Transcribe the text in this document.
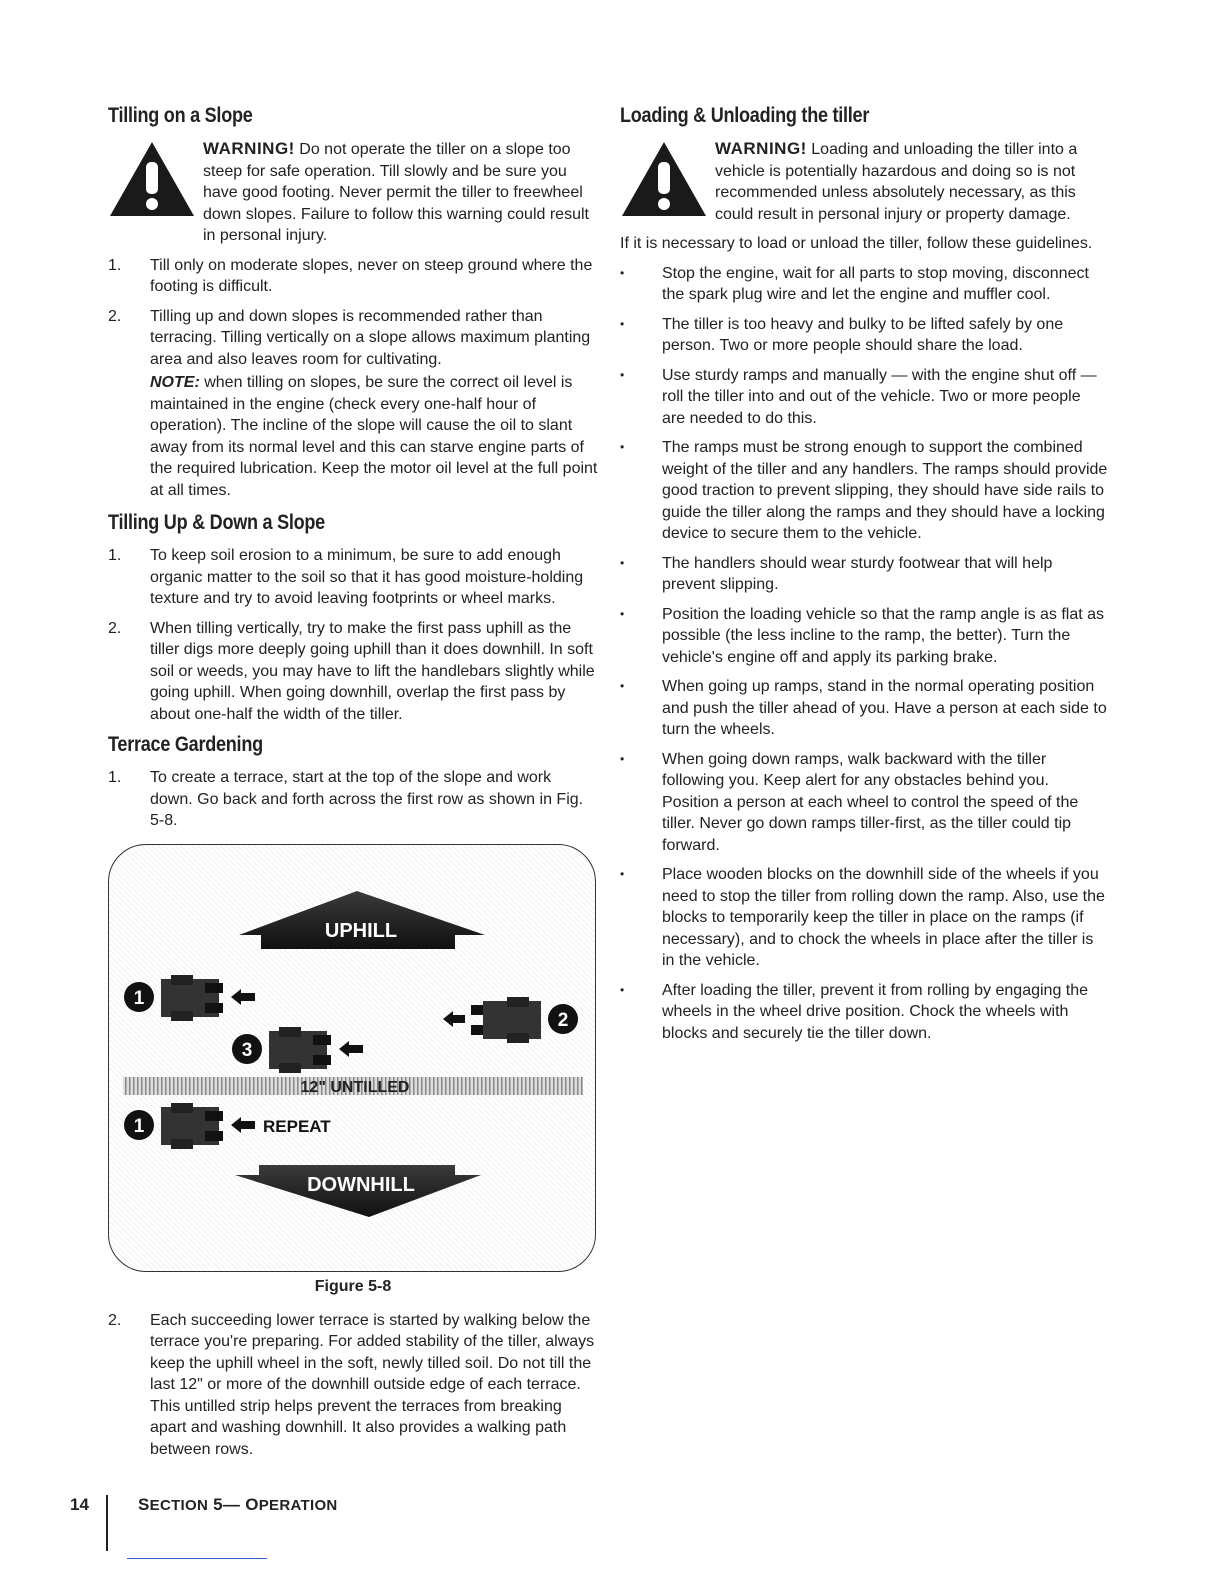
Tilling on a Slope
WARNING! Do not operate the tiller on a slope too steep for safe operation. Till slowly and be sure you have good footing. Never permit the tiller to freewheel down slopes. Failure to follow this warning could result in personal injury.
1. Till only on moderate slopes, never on steep ground where the footing is difficult.
2. Tilling up and down slopes is recommended rather than terracing. Tilling vertically on a slope allows maximum planting area and also leaves room for cultivating.

NOTE: when tilling on slopes, be sure the correct oil level is maintained in the engine (check every one-half hour of operation). The incline of the slope will cause the oil to slant away from its normal level and this can starve engine parts of the required lubrication. Keep the motor oil level at the full point at all times.

Tilling Up & Down a Slope
1. To keep soil erosion to a minimum, be sure to add enough organic matter to the soil so that it has good moisture-holding texture and try to avoid leaving footprints or wheel marks.
2. When tilling vertically, try to make the first pass uphill as the tiller digs more deeply going uphill than it does downhill. In soft soil or weeds, you may have to lift the handlebars slightly while going uphill. When going downhill, overlap the first pass by about one-half the width of the tiller.
Terrace Gardening
1. To create a terrace, start at the top of the slope and work down. Go back and forth across the first row as shown in Fig. 5-8.
UPHILL
1
2
3
12" UNTILLED
1	REPEAT
DOWNHILL
Figure 5-8
2. Each succeeding lower terrace is started by walking below the terrace you're preparing. For added stability of the tiller, always keep the uphill wheel in the soft, newly tilled soil. Do not till the last 12" or more of the downhill outside edge of each terrace. This untilled strip helps prevent the terraces from breaking apart and washing downhill. It also provides a walking path between rows.
Loading & Unloading the tiller
WARNING! Loading and unloading the tiller into a vehicle is potentially hazardous and doing so is not recommended unless absolutely necessary, as this could result in personal injury or property damage.

If it is necessary to load or unload the tiller, follow these guidelines.

• Stop the engine, wait for all parts to stop moving, disconnect the spark plug wire and let the engine and muffler cool.
• The tiller is too heavy and bulky to be lifted safely by one person. Two or more people should share the load.
• Use sturdy ramps and manually — with the engine shut off — roll the tiller into and out of the vehicle. Two or more people are needed to do this.
• The ramps must be strong enough to support the combined weight of the tiller and any handlers. The ramps should provide good traction to prevent slipping, they should have side rails to guide the tiller along the ramps and they should have a locking device to secure them to the vehicle.
• The handlers should wear sturdy footwear that will help prevent slipping.
• Position the loading vehicle so that the ramp angle is as flat as possible (the less incline to the ramp, the better). Turn the vehicle's engine off and apply its parking brake.
• When going up ramps, stand in the normal operating position and push the tiller ahead of you. Have a person at each side to turn the wheels.
• When going down ramps, walk backward with the tiller following you. Keep alert for any obstacles behind you. Position a person at each wheel to control the speed of the tiller. Never go down ramps tiller-first, as the tiller could tip forward.
• Place wooden blocks on the downhill side of the wheels if you need to stop the tiller from rolling down the ramp. Also, use the blocks to temporarily keep the tiller in place on the ramps (if necessary), and to chock the wheels in place after the tiller is in the vehicle.
• After loading the tiller, prevent it from rolling by engaging the wheels in the wheel drive position. Chock the wheels with blocks and securely tie the tiller down.
14	SECTION 5— OPERATION
